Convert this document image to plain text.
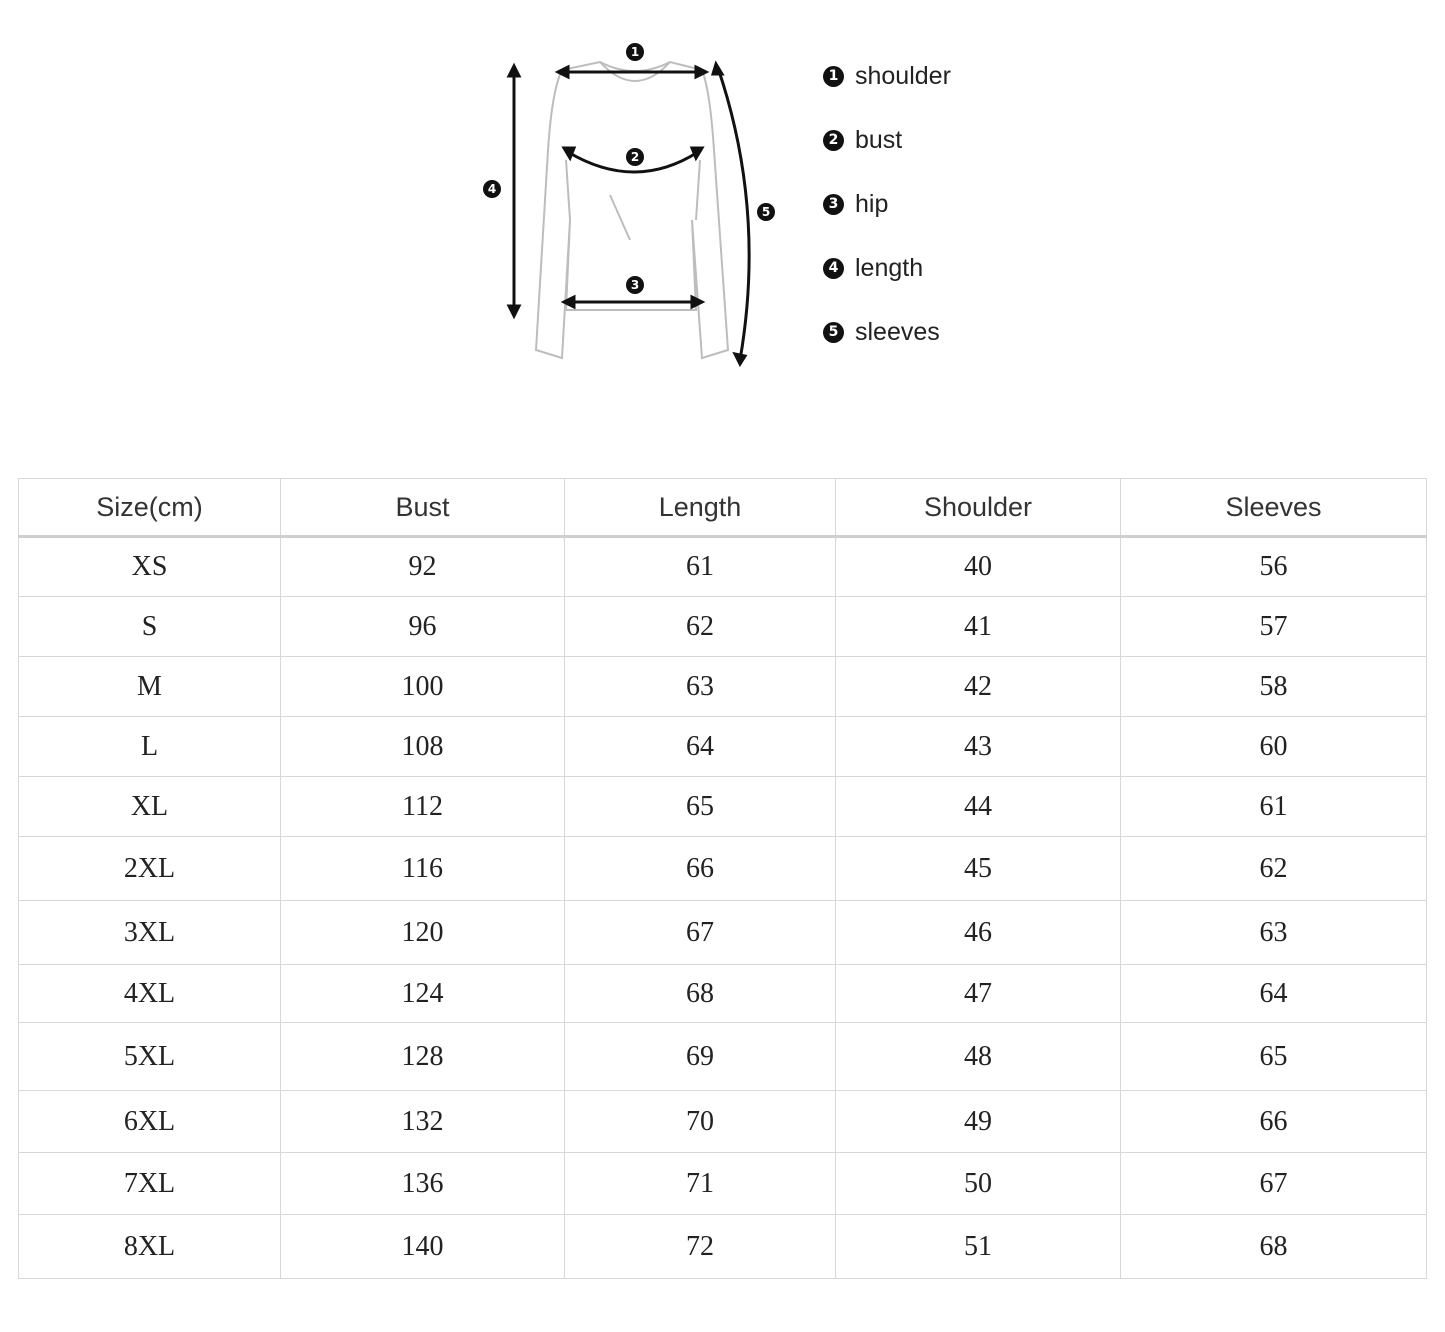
1
2
3
4
5
1 shoulder
2 bust
3 hip
4 length
5 sleeves
Size(cm)	Bust	Length	Shoulder	Sleeves
XS	92	61	40	56
S	96	62	41	57
M	100	63	42	58
L	108	64	43	60
XL	112	65	44	61
2XL	116	66	45	62
3XL	120	67	46	63
4XL	124	68	47	64
5XL	128	69	48	65
6XL	132	70	49	66
7XL	136	71	50	67
8XL	140	72	51	68
